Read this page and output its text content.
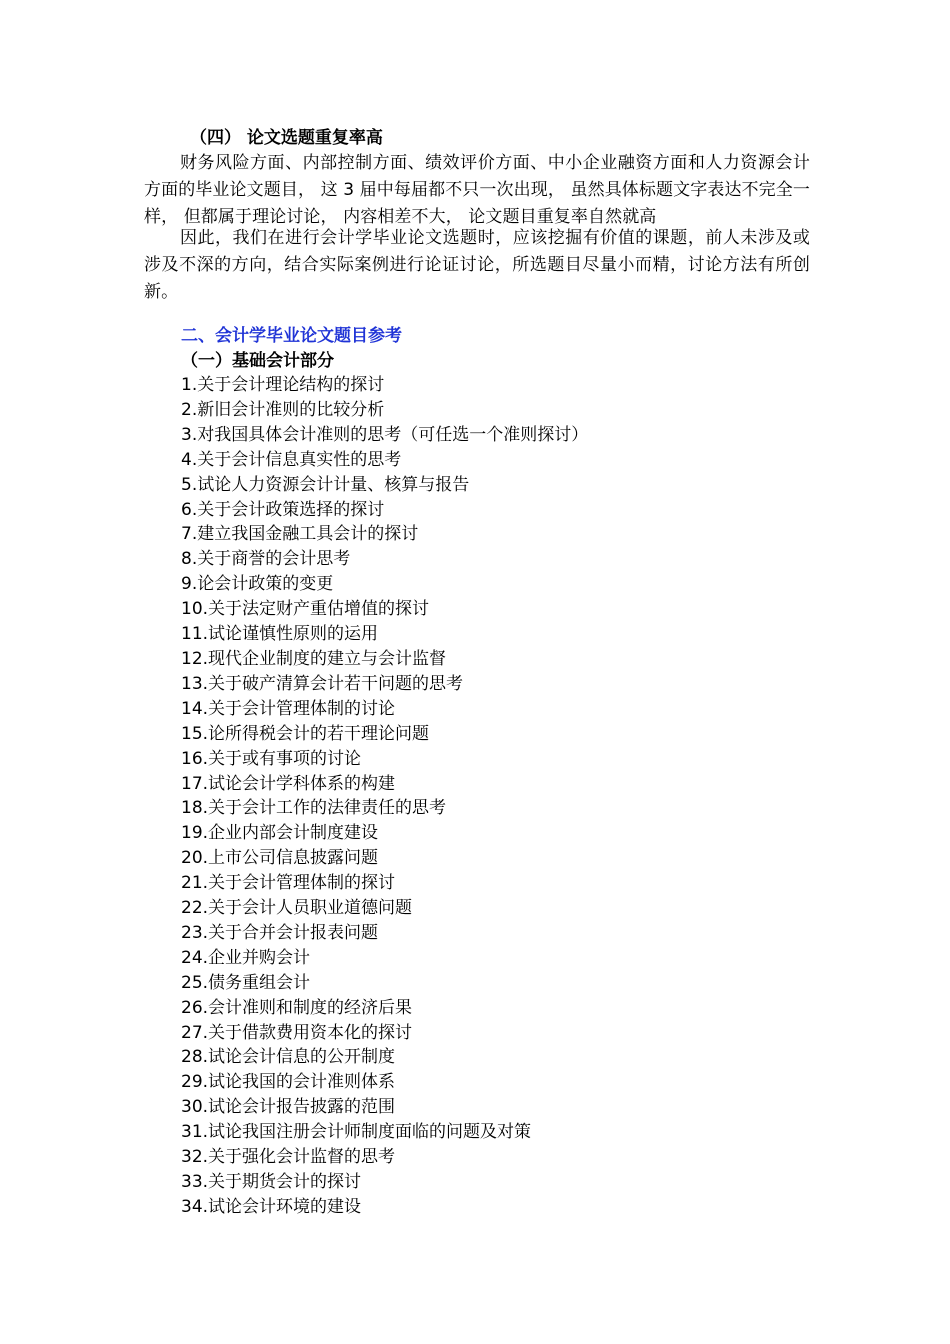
（四） 论文选题重复率高
财务风险方面、内部控制方面、绩效评价方面、中小企业融资方面和人力资源会计方面的毕业论文题目， 这 3 届中每届都不只一次出现， 虽然具体标题文字表达不完全一样， 但都属于理论讨论， 内容相差不大， 论文题目重复率自然就高
因此，我们在进行会计学毕业论文选题时，应该挖掘有价值的课题，前人未涉及或涉及不深的方向，结合实际案例进行论证讨论，所选题目尽量小而精，讨论方法有所创新。
二、会计学毕业论文题目参考
（一）基础会计部分
1.关于会计理论结构的探讨
2.新旧会计准则的比较分析
3.对我国具体会计准则的思考（可任选一个准则探讨）
4.关于会计信息真实性的思考
5.试论人力资源会计计量、核算与报告
6.关于会计政策选择的探讨
7.建立我国金融工具会计的探讨
8.关于商誉的会计思考
9.论会计政策的变更
10.关于法定财产重估增值的探讨
11.试论谨慎性原则的运用
12.现代企业制度的建立与会计监督
13.关于破产清算会计若干问题的思考
14.关于会计管理体制的讨论
15.论所得税会计的若干理论问题
16.关于或有事项的讨论
17.试论会计学科体系的构建
18.关于会计工作的法律责任的思考
19.企业内部会计制度建设
20.上市公司信息披露问题
21.关于会计管理体制的探讨
22.关于会计人员职业道德问题
23.关于合并会计报表问题
24.企业并购会计
25.债务重组会计
26.会计准则和制度的经济后果
27.关于借款费用资本化的探讨
28.试论会计信息的公开制度
29.试论我国的会计准则体系
30.试论会计报告披露的范围
31.试论我国注册会计师制度面临的问题及对策
32.关于强化会计监督的思考
33.关于期货会计的探讨
34.试论会计环境的建设
